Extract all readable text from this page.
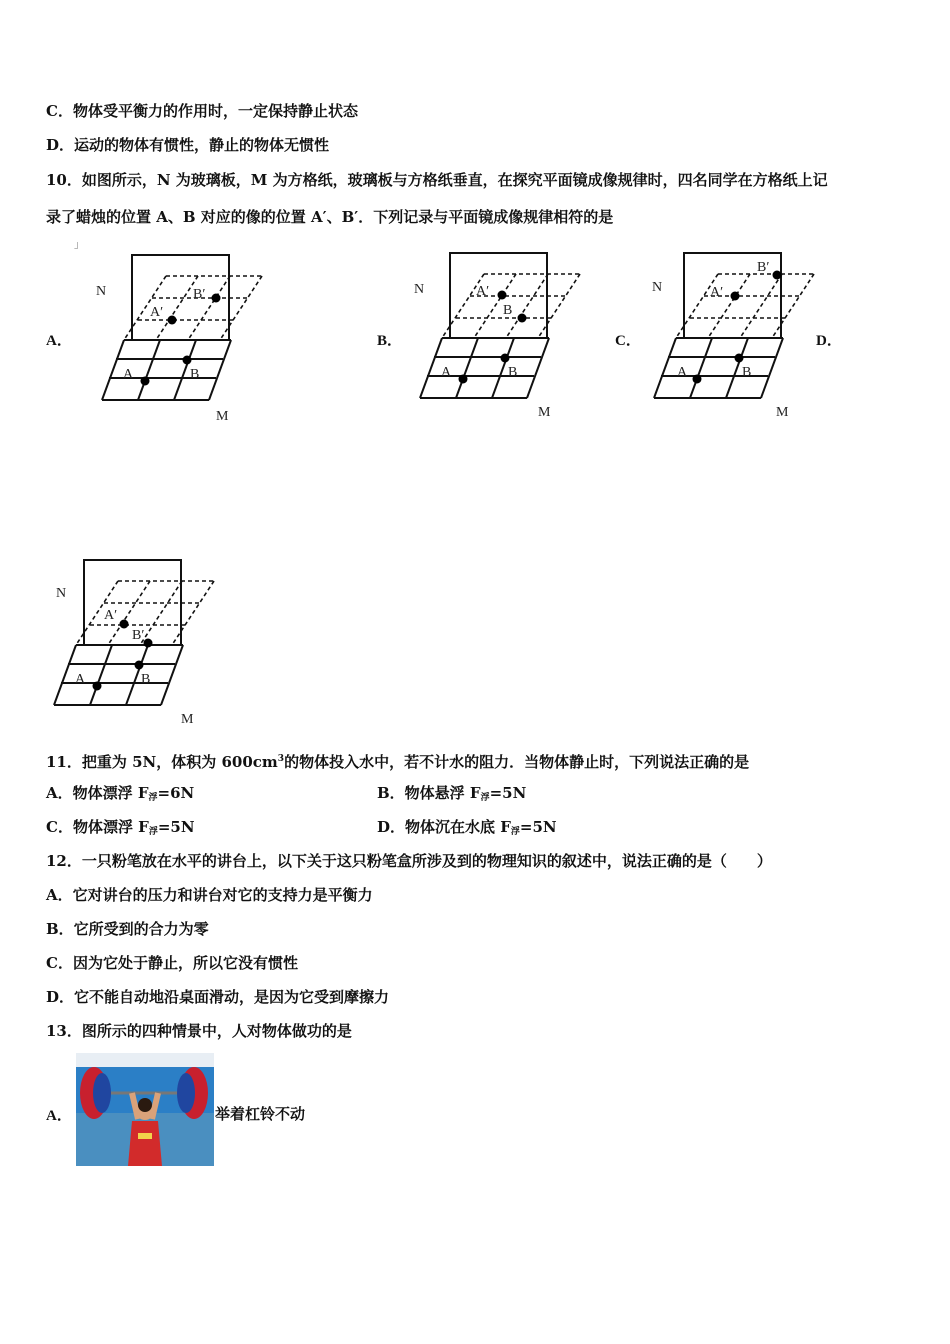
C．物体受平衡力的作用时，一定保持静止状态
D．运动的物体有惯性，静止的物体无惯性
10．如图所示，N 为玻璃板，M 为方格纸，玻璃板与方格纸垂直，在探究平面镜成像规律时，四名同学在方格纸上记
录了蜡烛的位置 A、B 对应的像的位置 A′、B′．下列记录与平面镜成像规律相符的是
」
A．	B．	C．	D．
N
A′
B′
A	B
M
N	A′
B
A	B
M
N	A′
B′
A	B
M
N
A′
B′
A	B
M
11．把重为 5N，体积为 $600cm^3$的物体投入水中，若不计水的阻力．当物体静止时，下列说法正确的是
A．物体漂浮 $F_浮=6N$	B．物体悬浮 $F_浮=5N$
C．物体漂浮 $F_浮=5N$	D．物体沉在水底 $F_浮=5N$
12．一只粉笔放在水平的讲台上，以下关于这只粉笔盒所涉及到的物理知识的叙述中，说法正确的是（　　）
A．它对讲台的压力和讲台对它的支持力是平衡力
B．它所受到的合力为零
C．因为它处于静止，所以它没有惯性
D．它不能自动地沿桌面滑动，是因为它受到摩擦力
13．图所示的四种情景中，人对物体做功的是
A．	举着杠铃不动
